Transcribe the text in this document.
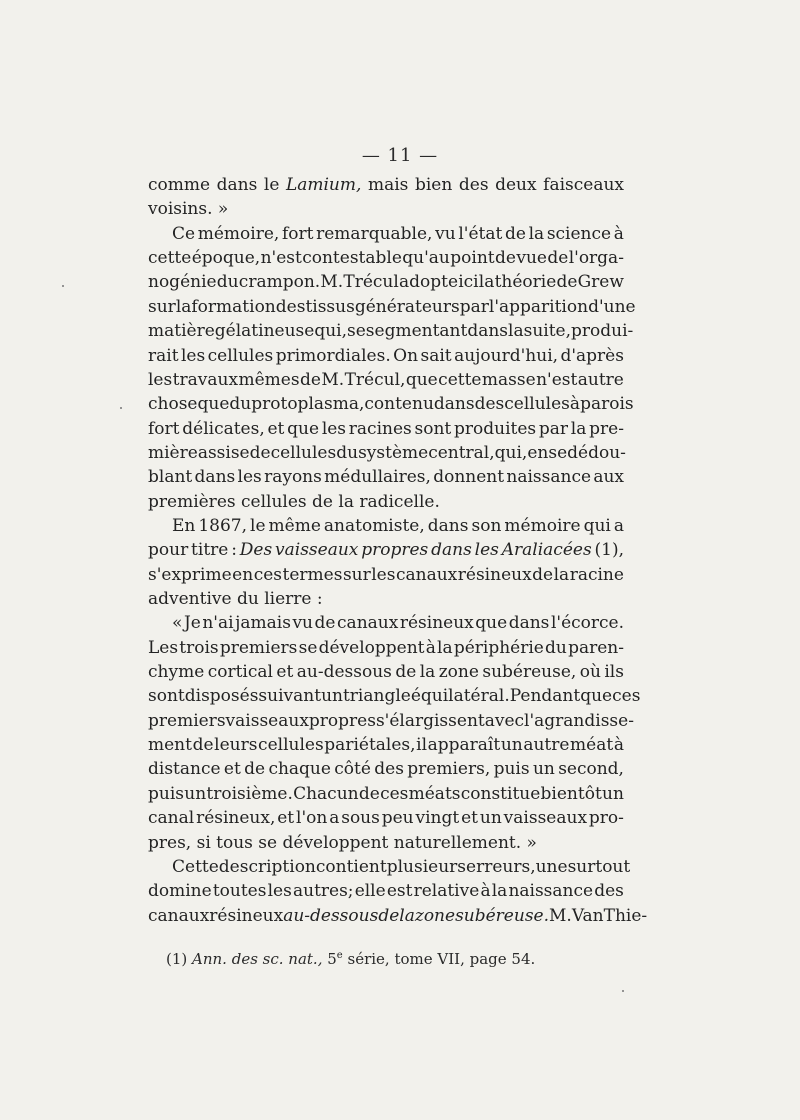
— 11 —
comme dans le Lamium, mais bien des deux faisceaux
voisins. »
Ce mémoire, fort remarquable, vu l'état de la science à
cette époque, n'est contestable qu'au point de vue de l'orga-
nogénie du crampon. M. Trécul adopte ici la théorie de Grew
sur la formation des tissus générateurs par l'apparition d'une
matière gélatineuse qui, se segmentant dans la suite, produi-
rait les cellules primordiales. On sait aujourd'hui, d'après
les travaux mêmes de M. Trécul, que cette masse n'est autre
chose que du protoplasma,contenu dans des cellules à parois
fort délicates, et que les racines sont produites par la pre-
mière assise de cellules du système central, qui,en se dédou-
blant dans les rayons médullaires, donnent naissance aux
premières cellules de la radicelle.
En 1867, le même anatomiste, dans son mémoire qui a
pour titre : Des vaisseaux propres dans les Araliacées (1),
s'exprime en ces termes sur les canaux résineux de la racine
adventive du lierre :
« Je n'ai jamais vu de canaux résineux que dans l'écorce.
Les trois premiers se développent à la périphérie du paren-
chyme cortical et au-dessous de la zone subéreuse, où ils
sont disposés suivant un triangle équilatéral. Pendant que ces
premiers vaisseaux propres s'élargissent avec l'agrandisse-
ment de leurs cellules pariétales, il apparaît un autre méat à
distance et de chaque côté des premiers, puis un second,
puis un troisième. Chacun de ces méats constitue bientôt un
canal résineux, et l'on a sous peu vingt et un vaisseaux pro-
pres, si tous se développent naturellement. »
Cette description contient plusieurs erreurs, une surtout
domine toutes les autres; elle est relative à la naissance des
canaux résineux au-dessous de la zone subéreuse. M. Van Thie-
(1) Ann. des sc. nat., 5e série, tome VII, page 54.
